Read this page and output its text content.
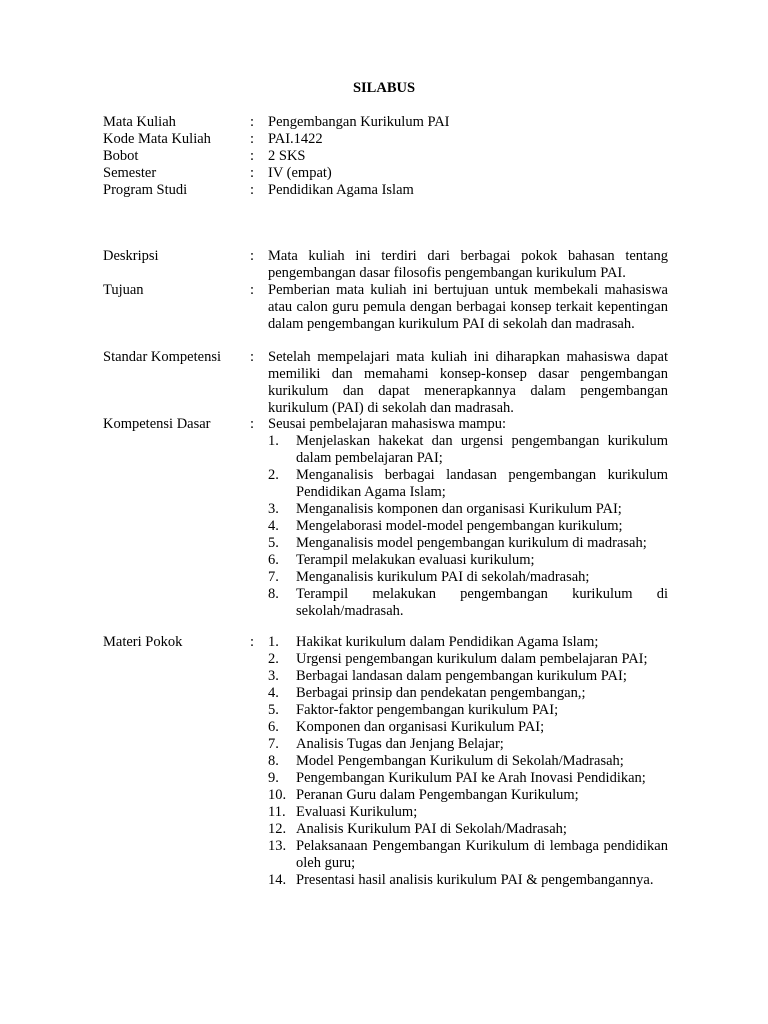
SILABUS
Mata Kuliah	: Pengembangan Kurikulum PAI
Kode Mata Kuliah	: PAI.1422
Bobot	: 2 SKS
Semester	: IV (empat)
Program Studi	: Pendidikan Agama Islam
Deskripsi	: Mata kuliah ini terdiri dari berbagai pokok bahasan tentang pengembangan dasar filosofis pengembangan kurikulum PAI.
Tujuan	: Pemberian mata kuliah ini bertujuan untuk membekali mahasiswa atau calon guru pemula dengan berbagai konsep terkait kepentingan dalam pengembangan kurikulum PAI di sekolah dan madrasah.
Standar Kompetensi	: Setelah mempelajari mata kuliah ini diharapkan mahasiswa dapat memiliki dan memahami konsep-konsep dasar pengembangan kurikulum dan dapat menerapkannya dalam pengembangan kurikulum (PAI) di sekolah dan madrasah.
Kompetensi Dasar	: Seusai pembelajaran mahasiswa mampu:
1.	Menjelaskan hakekat dan urgensi pengembangan kurikulum dalam pembelajaran PAI;
2.	Menganalisis berbagai landasan pengembangan kurikulum Pendidikan Agama Islam;
3.	Menganalisis komponen dan organisasi Kurikulum PAI;
4.	Mengelaborasi model-model pengembangan kurikulum;
5.	Menganalisis model pengembangan kurikulum di madrasah;
6.	Terampil melakukan evaluasi kurikulum;
7.	Menganalisis kurikulum PAI di sekolah/madrasah;
8.	Terampil melakukan pengembangan kurikulum di sekolah/madrasah.
Materi Pokok	: 1.	Hakikat kurikulum dalam Pendidikan Agama Islam;
2.	Urgensi pengembangan kurikulum dalam pembelajaran PAI;
3.	Berbagai landasan dalam pengembangan kurikulum PAI;
4.	Berbagai prinsip dan pendekatan pengembangan,;
5.	Faktor-faktor pengembangan kurikulum PAI;
6.	Komponen dan organisasi Kurikulum PAI;
7.	Analisis Tugas dan Jenjang Belajar;
8.	Model Pengembangan Kurikulum di Sekolah/Madrasah;
9.	Pengembangan Kurikulum PAI ke Arah Inovasi Pendidikan;
10. Peranan Guru dalam Pengembangan Kurikulum;
11. Evaluasi Kurikulum;
12. Analisis Kurikulum PAI di Sekolah/Madrasah;
13. Pelaksanaan Pengembangan Kurikulum di lembaga pendidikan oleh guru;
14. Presentasi hasil analisis kurikulum PAI & pengembangannya.
